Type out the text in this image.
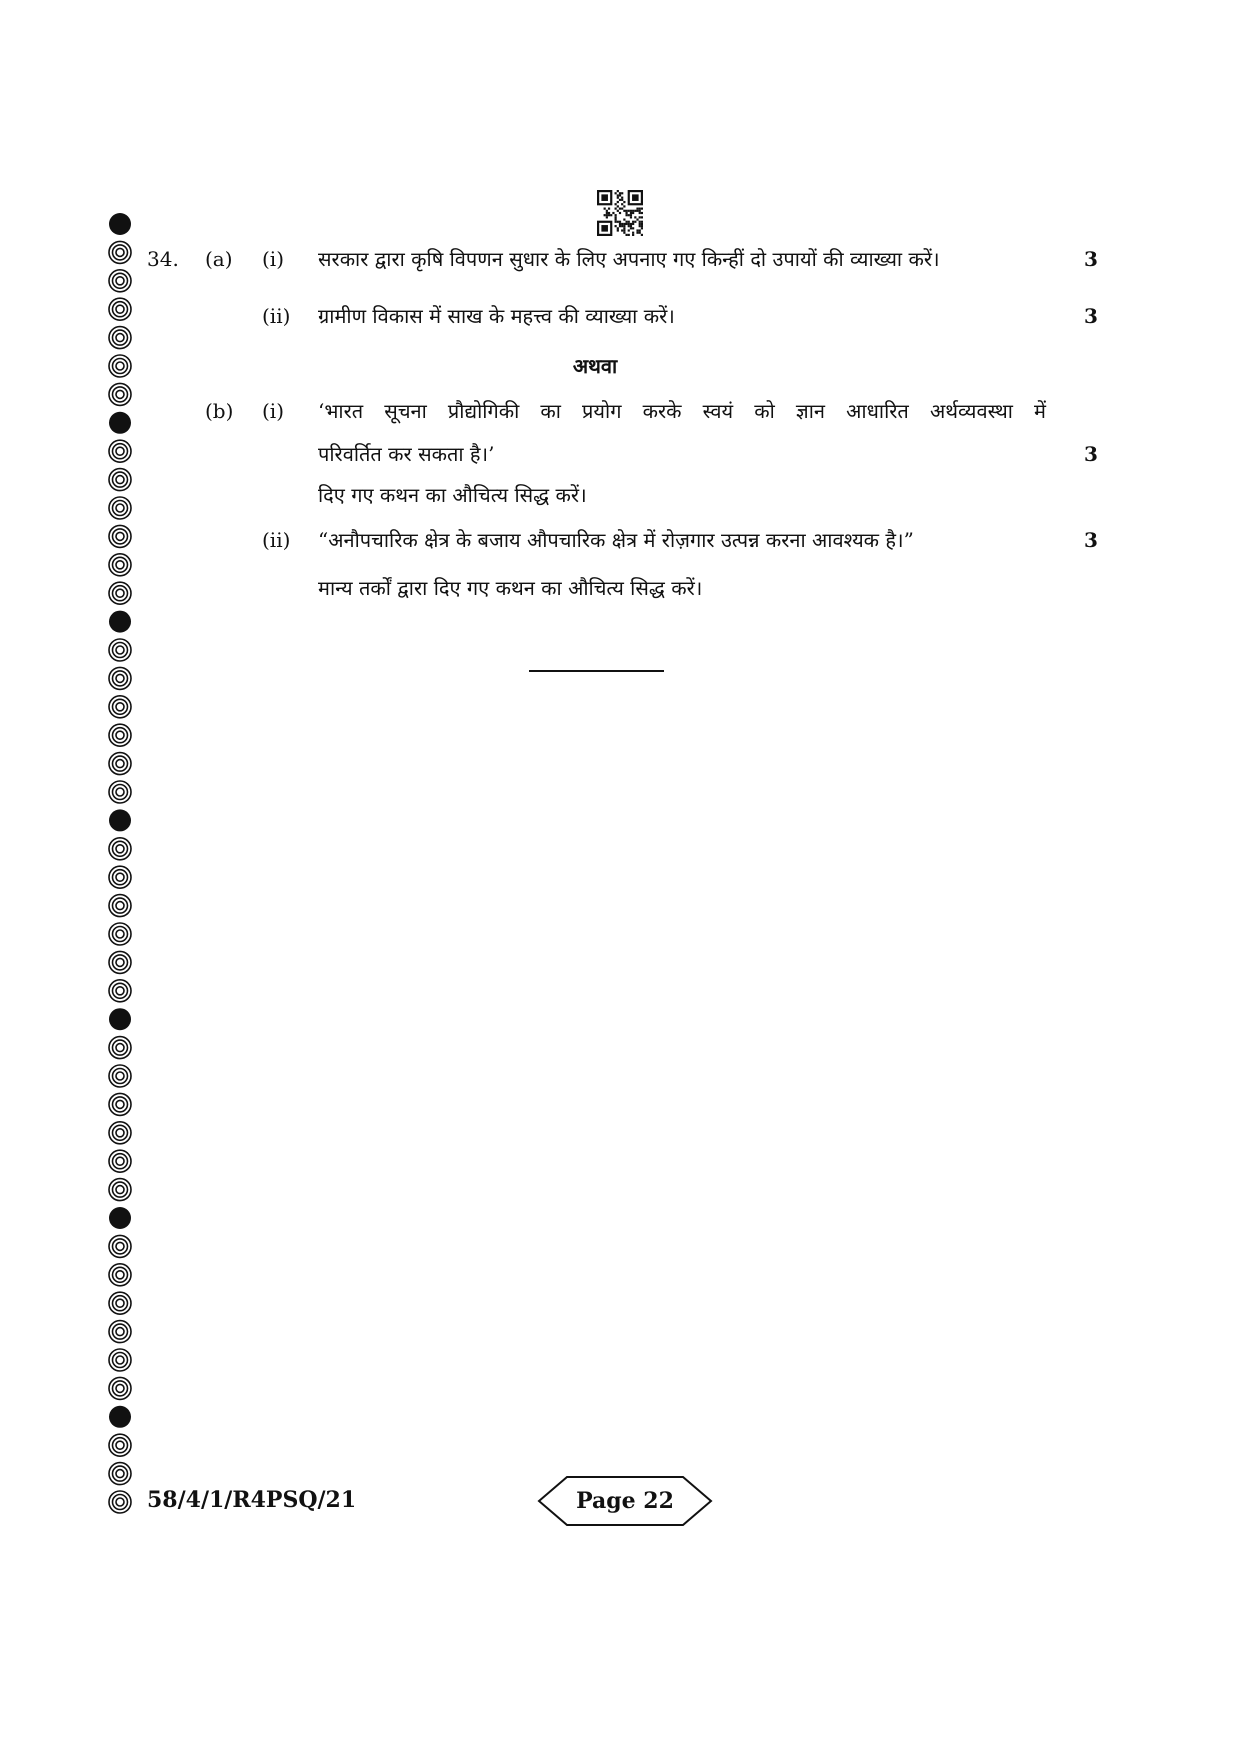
34. (a) (i) सरकार द्वारा कृषि विपणन सुधार के लिए अपनाए गए किन्हीं दो उपायों की व्याख्या करें।	3
(ii) ग्रामीण विकास में साख के महत्त्व की व्याख्या करें।	3
अथवा
(b) (i) ‘भारत सूचना प्रौद्योगिकी का प्रयोग करके स्वयं को ज्ञान आधारित अर्थव्यवस्था में
परिवर्तित कर सकता है।’	3
दिए गए कथन का औचित्य सिद्ध करें।
(ii) “अनौपचारिक क्षेत्र के बजाय औपचारिक क्षेत्र में रोज़गार उत्पन्न करना आवश्यक है।”	3
मान्य तर्कों द्वारा दिए गए कथन का औचित्य सिद्ध करें।
58/4/1/R4PSQ/21	Page 22
